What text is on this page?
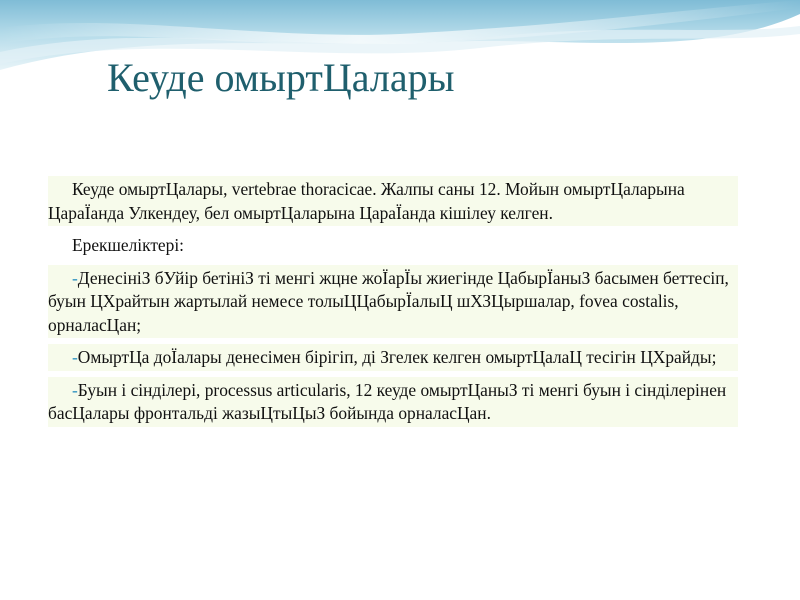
Кеуде омыртЦалары

Кеуде омыртЦалары, vertebrae thoracicae. Жалпы саны 12. Мойын омыртЦаларына ЦараЇанда Улкендеу, бел омыртЦаларына ЦараЇанда кiшiлеу келген.

Ерекшелiктерi:

-ДенесiнiЗ бУйiр бетiнiЗ тi менгi жцне жоЇарЇы жиегiнде ЦабырЇаныЗ басымен беттесiп, буын ЦХрайтын жартылай немесе толыЦЦабырЇалыЦ шХЗЦыршалар, fovea costalis, орналасЦан;

-ОмыртЦа доЇалары денесiмен бiрiгiп, дi Згелек келген омыртЦалаЦ тесiгiн ЦХрайды;

-Буын i сiндiлерi, processus articularis, 12 кеуде омыртЦаныЗ тi менгi буын i сiндiлерiнен басЦалары фронтальдi жазыЦтыЦыЗ бойында орналасЦан.
